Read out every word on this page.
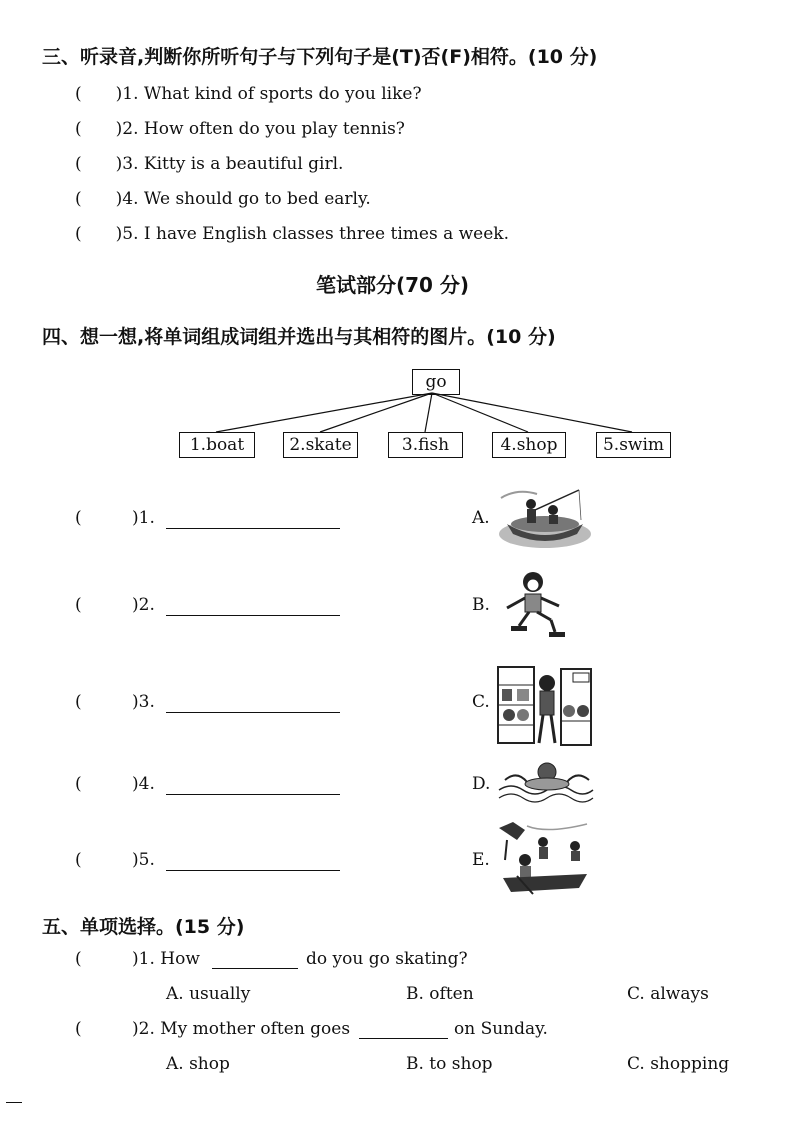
三、听录音,判断你所听句子与下列句子是(T)否(F)相符。(10 分)
(　　)1. What kind of sports do you like?
(　　)2. How often do you play tennis?
(　　)3. Kitty is a beautiful girl.
(　　)4. We should go to bed early.
(　　)5. I have English classes three times a week.
笔试部分(70 分)
四、想一想,将单词组成词组并选出与其相符的图片。(10 分)
go
1.boat	2.skate	3.fish	4.shop	5.swim
(	)1.	A.
(	)2.	B.
(	)3.	C.
(	)4.	D.
(	)5.	E.
五、单项选择。(15 分)
(	)1. How	do you go skating?
A. usually	B. often	C. always
(	)2. My mother often goes	on Sunday.
A. shop	B. to shop	C. shopping
